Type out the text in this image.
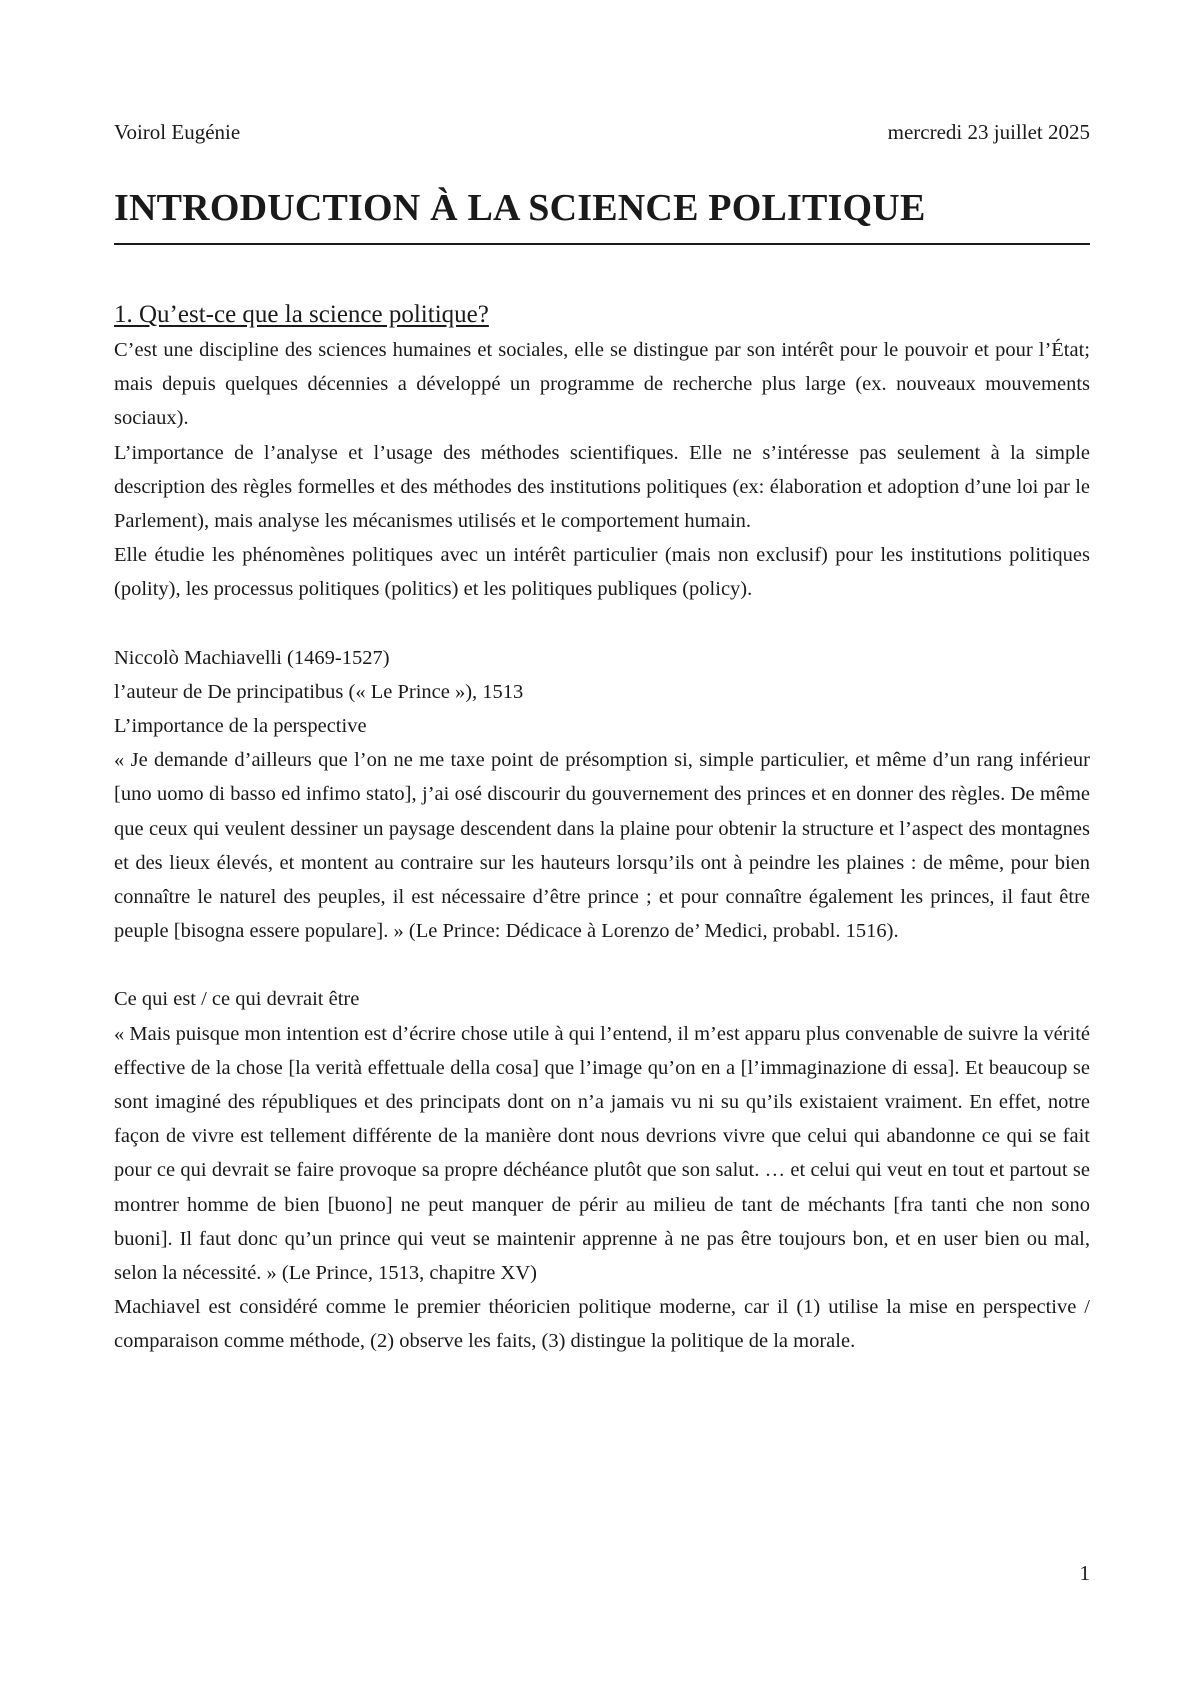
Voirol Eugénie	mercredi 23 juillet 2025
INTRODUCTION À LA SCIENCE POLITIQUE
1. Qu’est-ce que la science politique?

C’est une discipline des sciences humaines et sociales, elle se distingue par son intérêt pour le pouvoir et pour l’État; mais depuis quelques décennies a développé un programme de recherche plus large (ex. nouveaux mouvements sociaux).

L’importance de l’analyse et l’usage des méthodes scientifiques. Elle ne s’intéresse pas seulement à la simple description des règles formelles et des méthodes des institutions politiques (ex: élaboration et adoption d’une loi par le Parlement), mais analyse les mécanismes utilisés et le comportement humain.

Elle étudie les phénomènes politiques avec un intérêt particulier (mais non exclusif) pour les institutions politiques (polity), les processus politiques (politics) et les politiques publiques (policy).

Niccolò Machiavelli (1469-1527)

l’auteur de De principatibus (« Le Prince »), 1513

L’importance de la perspective

« Je demande d’ailleurs que l’on ne me taxe point de présomption si, simple particulier, et même d’un rang inférieur [uno uomo di basso ed infimo stato], j’ai osé discourir du gouvernement des princes et en donner des règles. De même que ceux qui veulent dessiner un paysage descendent dans la plaine pour obtenir la structure et l’aspect des montagnes et des lieux élevés, et montent au contraire sur les hauteurs lorsqu’ils ont à peindre les plaines : de même, pour bien connaître le naturel des peuples, il est nécessaire d’être prince ; et pour connaître également les princes, il faut être peuple [bisogna essere populare]. » (Le Prince: Dédicace à Lorenzo de’ Medici, probabl. 1516).

Ce qui est / ce qui devrait être

« Mais puisque mon intention est d’écrire chose utile à qui l’entend, il m’est apparu plus convenable de suivre la vérité effective de la chose [la verità effettuale della cosa] que l’image qu’on en a [l’immaginazione di essa]. Et beaucoup se sont imaginé des républiques et des principats dont on n’a jamais vu ni su qu’ils existaient vraiment. En effet, notre façon de vivre est tellement différente de la manière dont nous devrions vivre que celui qui abandonne ce qui se fait pour ce qui devrait se faire provoque sa propre déchéance plutôt que son salut. … et celui qui veut en tout et partout se montrer homme de bien [buono] ne peut manquer de périr au milieu de tant de méchants [fra tanti che non sono buoni]. Il faut donc qu’un prince qui veut se maintenir apprenne à ne pas être toujours bon, et en user bien ou mal, selon la nécessité. » (Le Prince, 1513, chapitre XV)

Machiavel est considéré comme le premier théoricien politique moderne, car il (1) utilise la mise en perspective / comparaison comme méthode, (2) observe les faits, (3) distingue la politique de la morale.

1
